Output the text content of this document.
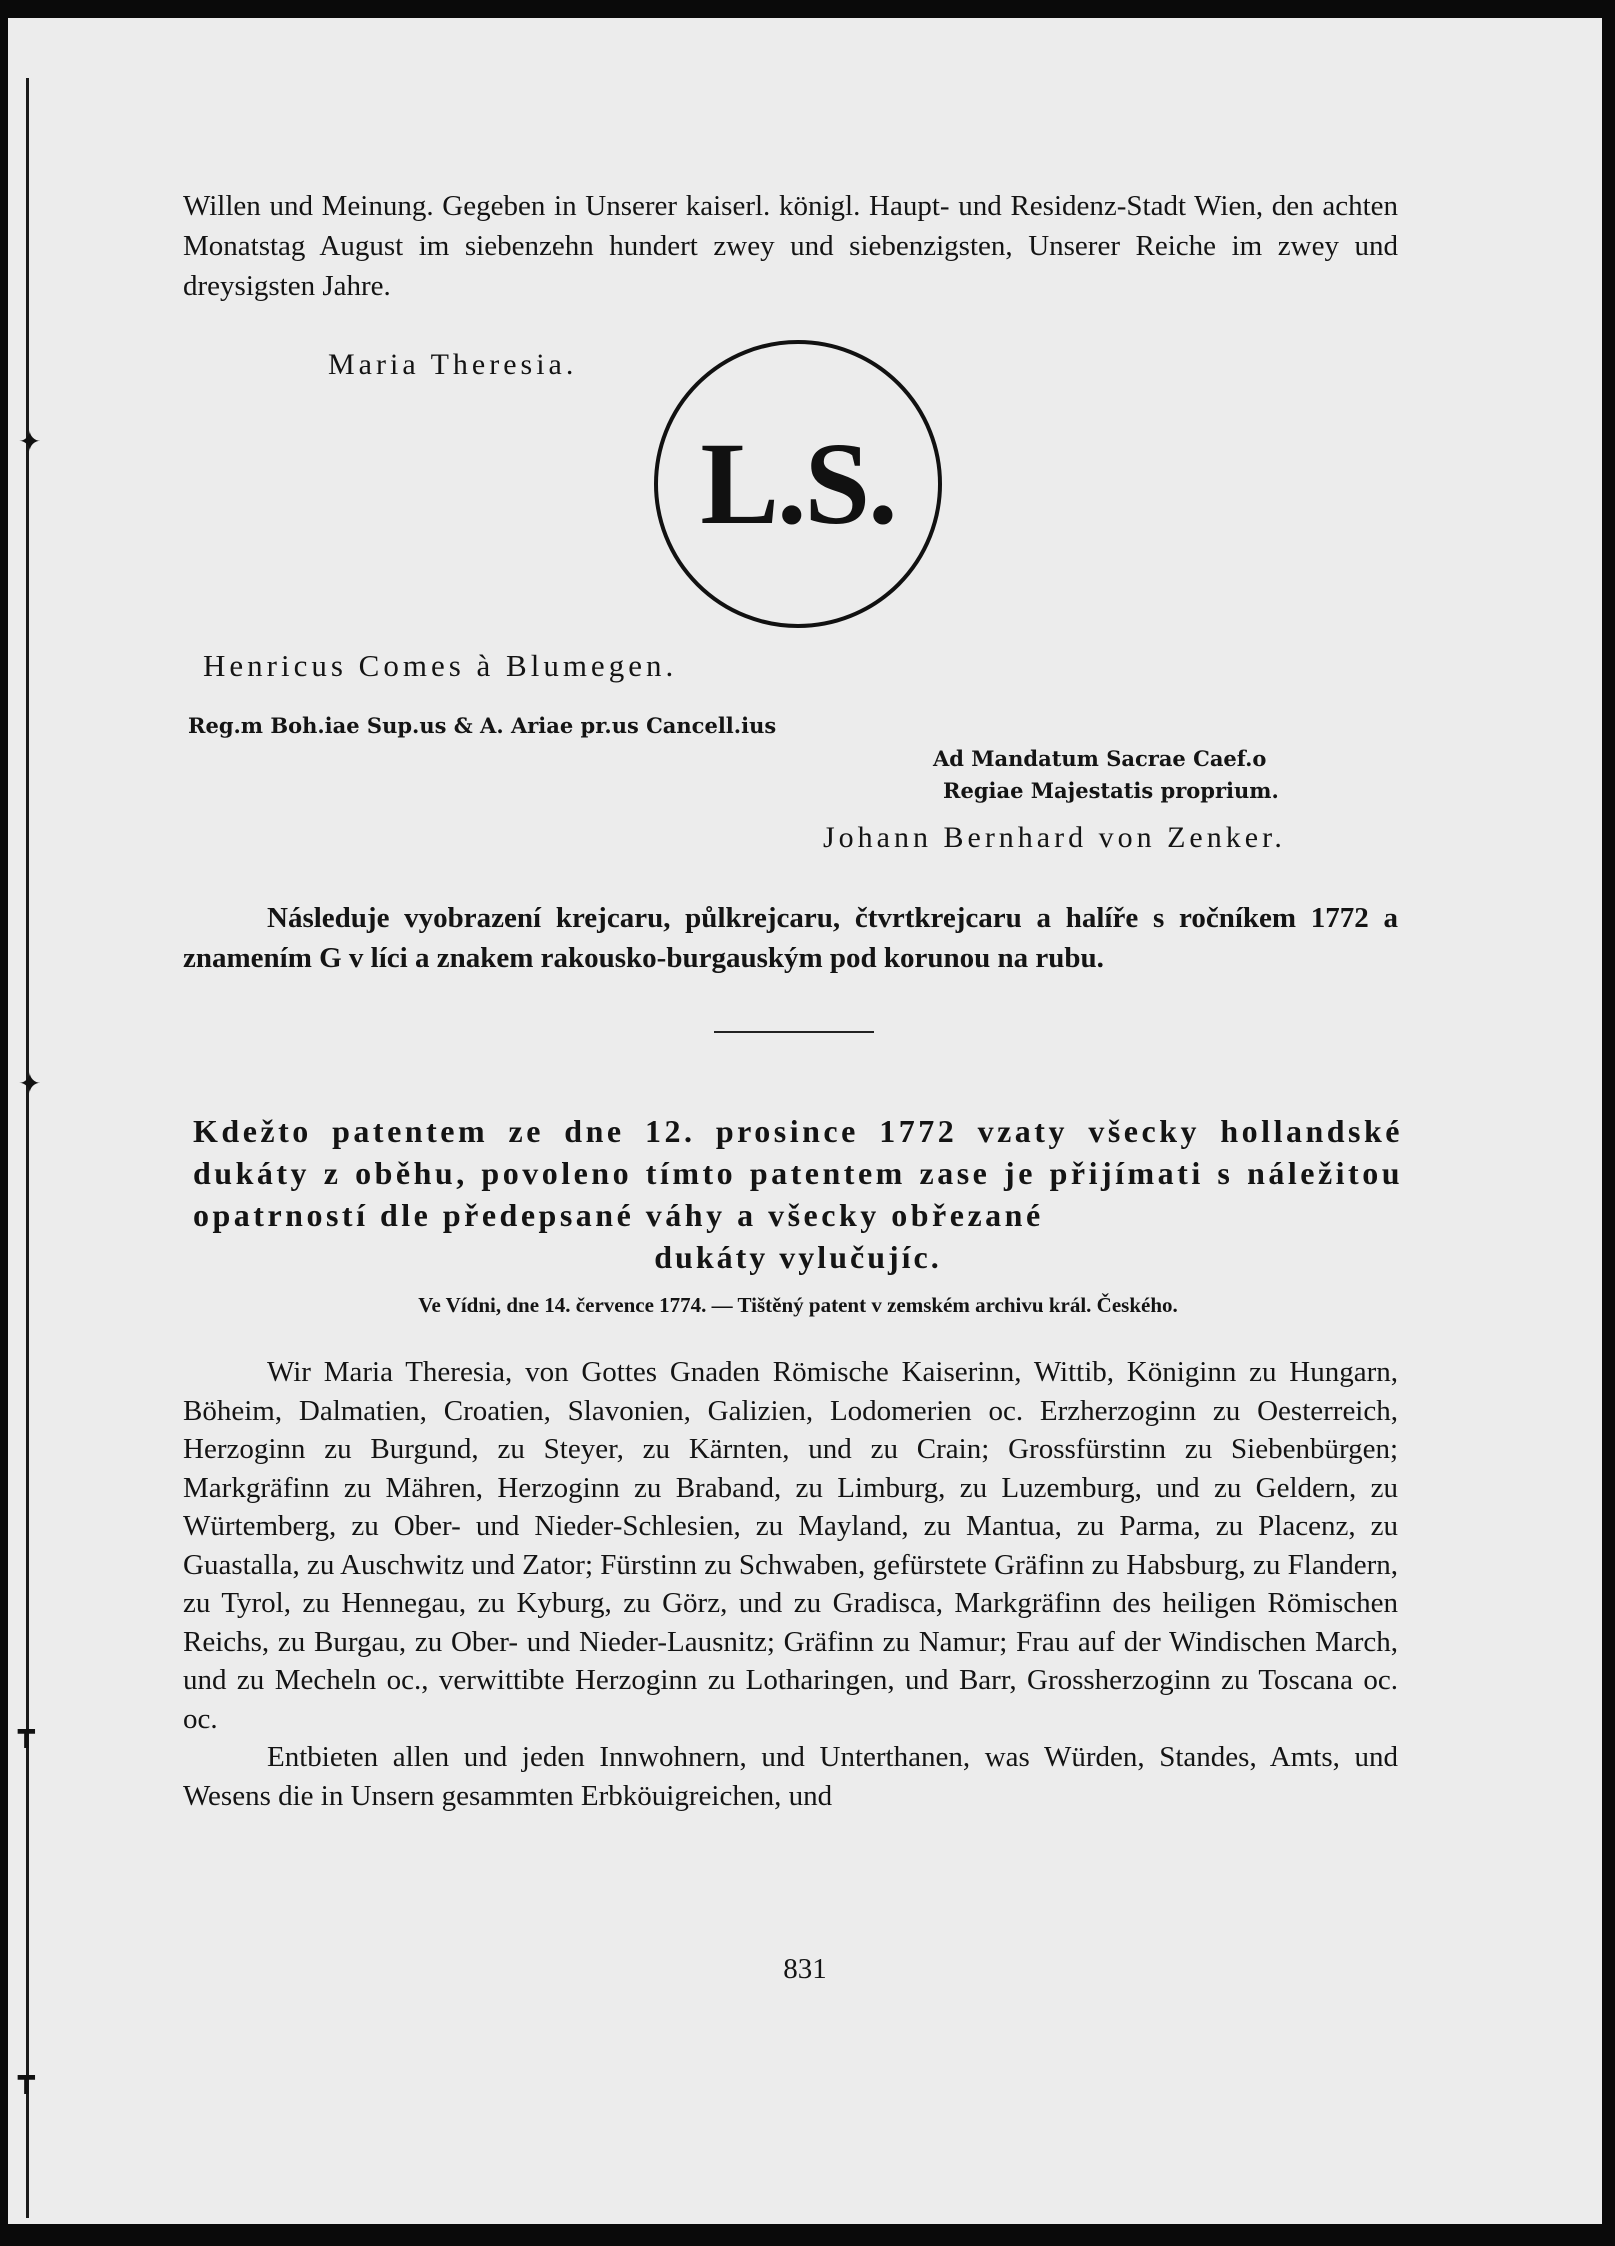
✦
✦
┳
┳

Willen und Meinung. Gegeben in Unserer kaiserl. königl. Haupt- und Residenz-Stadt Wien, den achten Monatstag August im siebenzehn hundert zwey und siebenzigsten, Unserer Reiche im zwey und dreysigsten Jahre.

Maria Theresia.
L.S.
Henricus Comes à Blumegen.
Reg.m Boh.iae Sup.us & A. Ariae pr.us Cancell.ius
Ad Mandatum Sacrae Caef.o
Regiae Majestatis proprium.
Johann Bernhard von Zenker.

Následuje vyobrazení krejcaru, půlkrejcaru, čtvrtkrejcaru a halíře s ročníkem 1772 a znamením G v líci a znakem rakousko-burgauským pod korunou na rubu.

Kdežto patentem ze dne 12. prosince 1772 vzaty všecky hollandské dukáty z oběhu, povoleno tímto patentem zase je přijímati s náležitou opatrností dle předepsané váhy a všecky obřezané
dukáty vylučujíc.
Ve Vídni, dne 14. července 1774. — Tištěný patent v zemském archivu král. Českého.

Wir Maria Theresia, von Gottes Gnaden Römische Kaiserinn, Wittib, Königinn zu Hungarn, Böheim, Dalmatien, Croatien, Slavonien, Galizien, Lodomerien oc. Erzherzoginn zu Oesterreich, Herzoginn zu Burgund, zu Steyer, zu Kärnten, und zu Crain; Grossfürstinn zu Siebenbürgen; Markgräfinn zu Mähren, Herzoginn zu Braband, zu Limburg, zu Luzemburg, und zu Geldern, zu Würtemberg, zu Ober- und Nieder-Schlesien, zu Mayland, zu Mantua, zu Parma, zu Placenz, zu Guastalla, zu Auschwitz und Zator; Fürstinn zu Schwaben, gefürstete Gräfinn zu Habsburg, zu Flandern, zu Tyrol, zu Hennegau, zu Kyburg, zu Görz, und zu Gradisca, Markgräfinn des heiligen Römischen Reichs, zu Burgau, zu Ober- und Nieder-Lausnitz; Gräfinn zu Namur; Frau auf der Windischen March, und zu Mecheln oc., verwittibte Herzoginn zu Lotharingen, und Barr, Grossherzoginn zu Toscana oc. oc.

Entbieten allen und jeden Innwohnern, und Unterthanen, was Würden, Standes, Amts, und Wesens die in Unsern gesammten Erbköuigreichen, und

831
